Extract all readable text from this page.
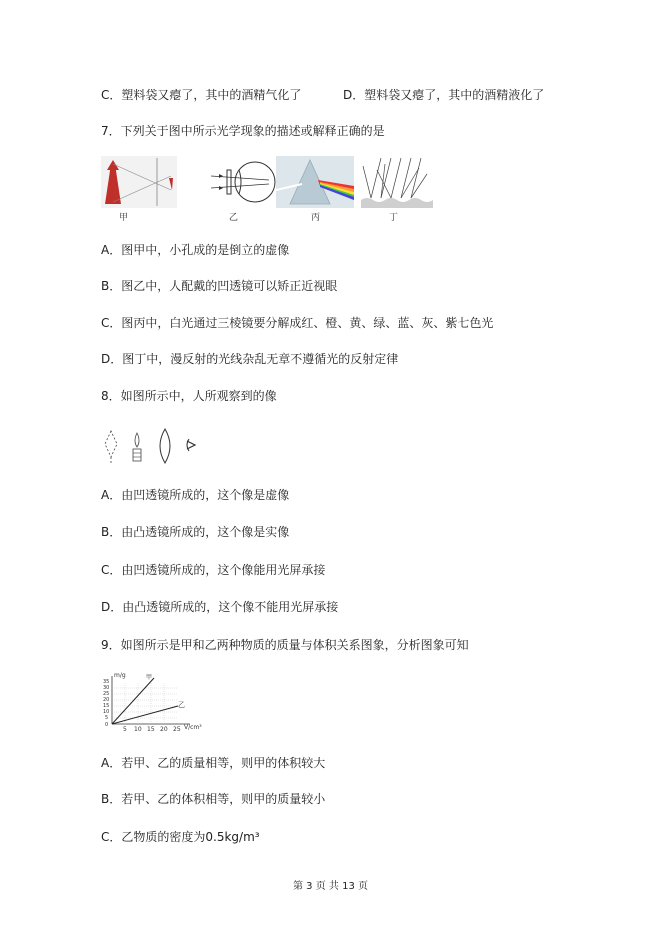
C．塑料袋又瘪了，其中的酒精气化了	D．塑料袋又瘪了，其中的酒精液化了
7．下列关于图中所示光学现象的描述或解释正确的是
甲	乙	丙	丁
A．图甲中，小孔成的是倒立的虚像
B．图乙中，人配戴的凹透镜可以矫正近视眼
C．图丙中，白光通过三棱镜要分解成红、橙、黄、绿、蓝、灰、紫七色光
D．图丁中，漫反射的光线杂乱无章不遵循光的反射定律
8．如图所示中，人所观察到的像
A．由凹透镜所成的，这个像是虚像
B．由凸透镜所成的，这个像是实像
C．由凹透镜所成的，这个像能用光屏承接
D．由凸透镜所成的，这个像不能用光屏承接
9．如图所示是甲和乙两种物质的质量与体积关系图象，分析图象可知
m/g
V/cm³
甲
乙
35
30
25
20
15
10
5
0
5 10 15 20 25
A．若甲、乙的质量相等，则甲的体积较大
B．若甲、乙的体积相等，则甲的质量较小
C．乙物质的密度为0.5kg/m³
第 3 页 共 13 页
